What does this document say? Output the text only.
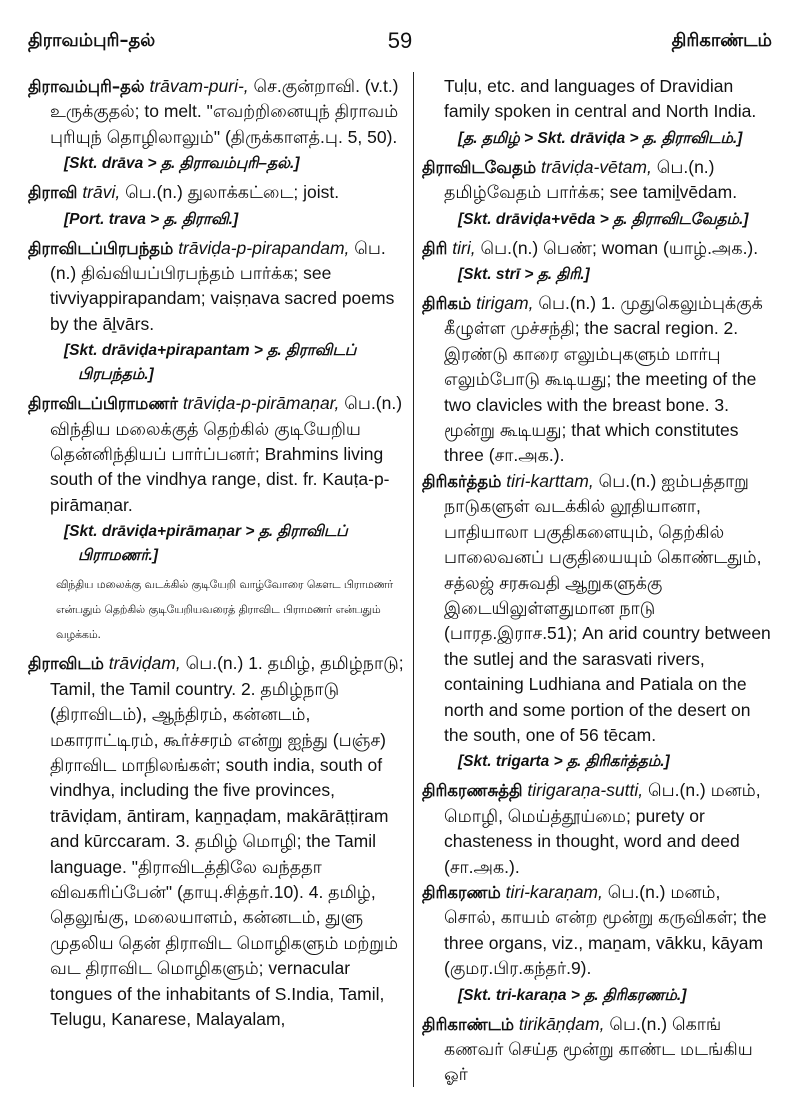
திராவம்புரி–தல்	59	திரிகாண்டம்

திராவம்புரி–தல் trāvam-puri-, செ.குன்றாவி. (v.t.) உருக்குதல்; to melt. "எவற்றினையுந் திராவம் புரியுந் தொழிலாலும்" (திருக்காளத்.பு. 5, 50).

[Skt. drāva > த. திராவம்புரி–தல்.]

திராவி trāvi, பெ.(n.) துலாக்கட்டை; joist.

[Port. trava > த. திராவி.]

திராவிடப்பிரபந்தம் trāviḍa-p-pirapandam, பெ.(n.) திவ்வியப்பிரபந்தம் பார்க்க; see tivviyappirapandam; vaiṣṇava sacred poems by the āḻvārs.

[Skt. drāviḍa+pirapantam > த. திராவிடப் பிரபந்தம்.]

திராவிடப்பிராமணர் trāviḍa-p-pirāmaṇar, பெ.(n.) விந்திய மலைக்குத் தெற்கில் குடியேறிய தென்னிந்தியப் பார்ப்பனர்; Brahmins living south of the vindhya range, dist. fr. Kauṭa-p-pirāmaṇar.

[Skt. drāviḍa+pirāmaṇar > த. திராவிடப் பிராமணர்.]

விந்திய மலைக்கு வடக்கில் குடியேறி வாழ்வோரை கௌட பிராமணர் என்பதும் தெற்கில் குடியேறியவரைத் திராவிட பிராமணர் என்பதும் வழக்கம்.

திராவிடம் trāviḍam, பெ.(n.) 1. தமிழ், தமிழ்நாடு; Tamil, the Tamil country. 2. தமிழ்நாடு (திராவிடம்), ஆந்திரம், கன்னடம், மகாராட்டிரம், கூர்ச்சரம் என்று ஐந்து (பஞ்ச) திராவிட மாநிலங்கள்; south india, south of vindhya, including the five provinces, trāviḍam, āntiram, kaṉṉaḍam, makārāṭṭiram and kūrccaram. 3. தமிழ் மொழி; the Tamil language. "திராவிடத்திலே வந்ததா விவகரிப்பேன்" (தாயு.சித்தர்.10). 4. தமிழ், தெலுங்கு, மலையாளம், கன்னடம், துளு முதலிய தென் திராவிட மொழிகளும் மற்றும் வட திராவிட மொழிகளும்; vernacular tongues of the inhabitants of S.India, Tamil, Telugu, Kanarese, Malayalam,

Tuḷu, etc. and languages of Dravidian family spoken in central and North India.

[த. தமிழ் > Skt. drāviḍa > த. திராவிடம்.]

திராவிடவேதம் trāviḍa-vētam, பெ.(n.) தமிழ்வேதம் பார்க்க; see tamiḻvēdam.

[Skt. drāviḍa+vēda > த. திராவிடவேதம்.]

திரி tiri, பெ.(n.) பெண்; woman (யாழ்.அக.).

[Skt. strī > த. திரி.]

திரிகம் tirigam, பெ.(n.) 1. முதுகெலும்புக்குக் கீழுள்ள முச்சந்தி; the sacral region. 2. இரண்டு காரை எலும்புகளும் மார்பு எலும்போடு கூடியது; the meeting of the two clavicles with the breast bone. 3. மூன்று கூடியது; that which constitutes three (சா.அக.).

திரிகர்த்தம் tiri-karttam, பெ.(n.) ஐம்பத்தாறு நாடுகளுள் வடக்கில் லூதியானா, பாதியாலா பகுதிகளையும், தெற்கில் பாலைவனப் பகுதியையும் கொண்டதும், சத்லஜ் சரசுவதி ஆறுகளுக்கு இடையிலுள்ளதுமான நாடு (பாரத.இராச.51); An arid country between the sutlej and the sarasvati rivers, containing Ludhiana and Patiala on the north and some portion of the desert on the south, one of 56 tēcam.

[Skt. trigarta > த. திரிகர்த்தம்.]

திரிகரணசுத்தி tirigaraṇa-sutti, பெ.(n.) மனம், மொழி, மெய்த்தூய்மை; purety or chasteness in thought, word and deed (சா.அக.).

திரிகரணம் tiri-karaṇam, பெ.(n.) மனம், சொல், காயம் என்ற மூன்று கருவிகள்; the three organs, viz., maṉam, vākku, kāyam (குமர.பிர.கந்தர்.9).

[Skt. tri-karaṇa > த. திரிகரணம்.]

திரிகாண்டம் tirikāṇḍam, பெ.(n.) கொங் கணவர் செய்த மூன்று காண்ட மடங்கிய ஓர்
